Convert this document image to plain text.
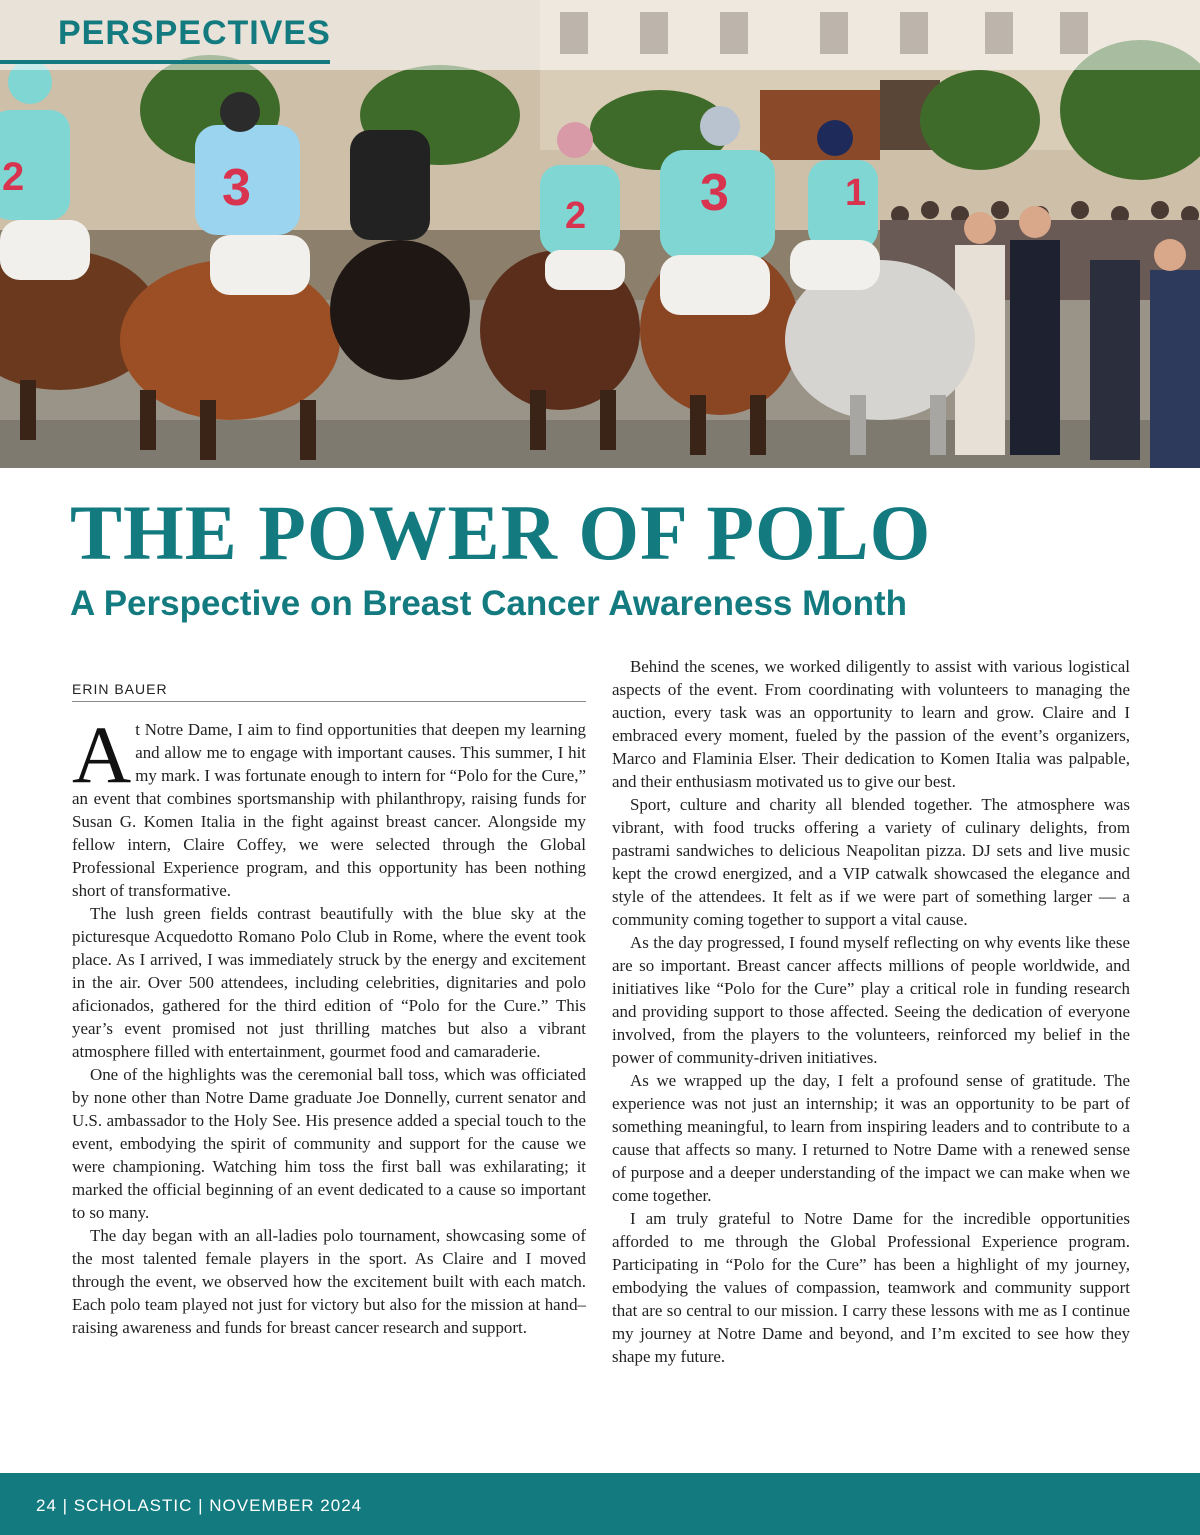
2	3	2 3	1
PERSPECTIVES
THE POWER OF POLO
A Perspective on Breast Cancer Awareness Month
ERIN BAUER

At Notre Dame, I aim to find opportunities that deepen my learning and allow me to engage with important causes. This summer, I hit my mark. I was fortunate enough to intern for “Polo for the Cure,” an event that combines sportsmanship with philanthropy, raising funds for Susan G. Komen Italia in the fight against breast cancer. Alongside my fellow intern, Claire Coffey, we were selected through the Global Professional Experience program, and this opportunity has been nothing short of transformative.

The lush green fields contrast beautifully with the blue sky at the picturesque Acquedotto Romano Polo Club in Rome, where the event took place. As I arrived, I was immediately struck by the energy and excitement in the air. Over 500 attendees, including celebrities, dignitaries and polo aficionados, gathered for the third edition of “Polo for the Cure.” This year’s event promised not just thrilling matches but also a vibrant atmosphere filled with entertainment, gourmet food and camaraderie.

One of the highlights was the ceremonial ball toss, which was officiated by none other than Notre Dame graduate Joe Donnelly, current senator and U.S. ambassador to the Holy See. His presence added a special touch to the event, embodying the spirit of community and support for the cause we were championing. Watching him toss the first ball was exhilarating; it marked the official beginning of an event dedicated to a cause so important to so many.

The day began with an all-ladies polo tournament, showcasing some of the most talented female players in the sport. As Claire and I moved through the event, we observed how the excitement built with each match. Each polo team played not just for victory but also for the mission at hand–raising awareness and funds for breast cancer research and support.

Behind the scenes, we worked diligently to assist with various logistical aspects of the event. From coordinating with volunteers to managing the auction, every task was an opportunity to learn and grow. Claire and I embraced every moment, fueled by the passion of the event’s organizers, Marco and Flaminia Elser. Their dedication to Komen Italia was palpable, and their enthusiasm motivated us to give our best.

Sport, culture and charity all blended together. The atmosphere was vibrant, with food trucks offering a variety of culinary delights, from pastrami sandwiches to delicious Neapolitan pizza. DJ sets and live music kept the crowd energized, and a VIP catwalk showcased the elegance and style of the attendees. It felt as if we were part of something larger — a community coming together to support a vital cause.

As the day progressed, I found myself reflecting on why events like these are so important. Breast cancer affects millions of people worldwide, and initiatives like “Polo for the Cure” play a critical role in funding research and providing support to those affected. Seeing the dedication of everyone involved, from the players to the volunteers, reinforced my belief in the power of community-driven initiatives.

As we wrapped up the day, I felt a profound sense of gratitude. The experience was not just an internship; it was an opportunity to be part of something meaningful, to learn from inspiring leaders and to contribute to a cause that affects so many. I returned to Notre Dame with a renewed sense of purpose and a deeper understanding of the impact we can make when we come together.

I am truly grateful to Notre Dame for the incredible opportunities afforded to me through the Global Professional Experience program. Participating in “Polo for the Cure” has been a highlight of my journey, embodying the values of compassion, teamwork and community support that are so central to our mission. I carry these lessons with me as I continue my journey at Notre Dame and beyond, and I’m excited to see how they shape my future.

24 | SCHOLASTIC | NOVEMBER 2024
